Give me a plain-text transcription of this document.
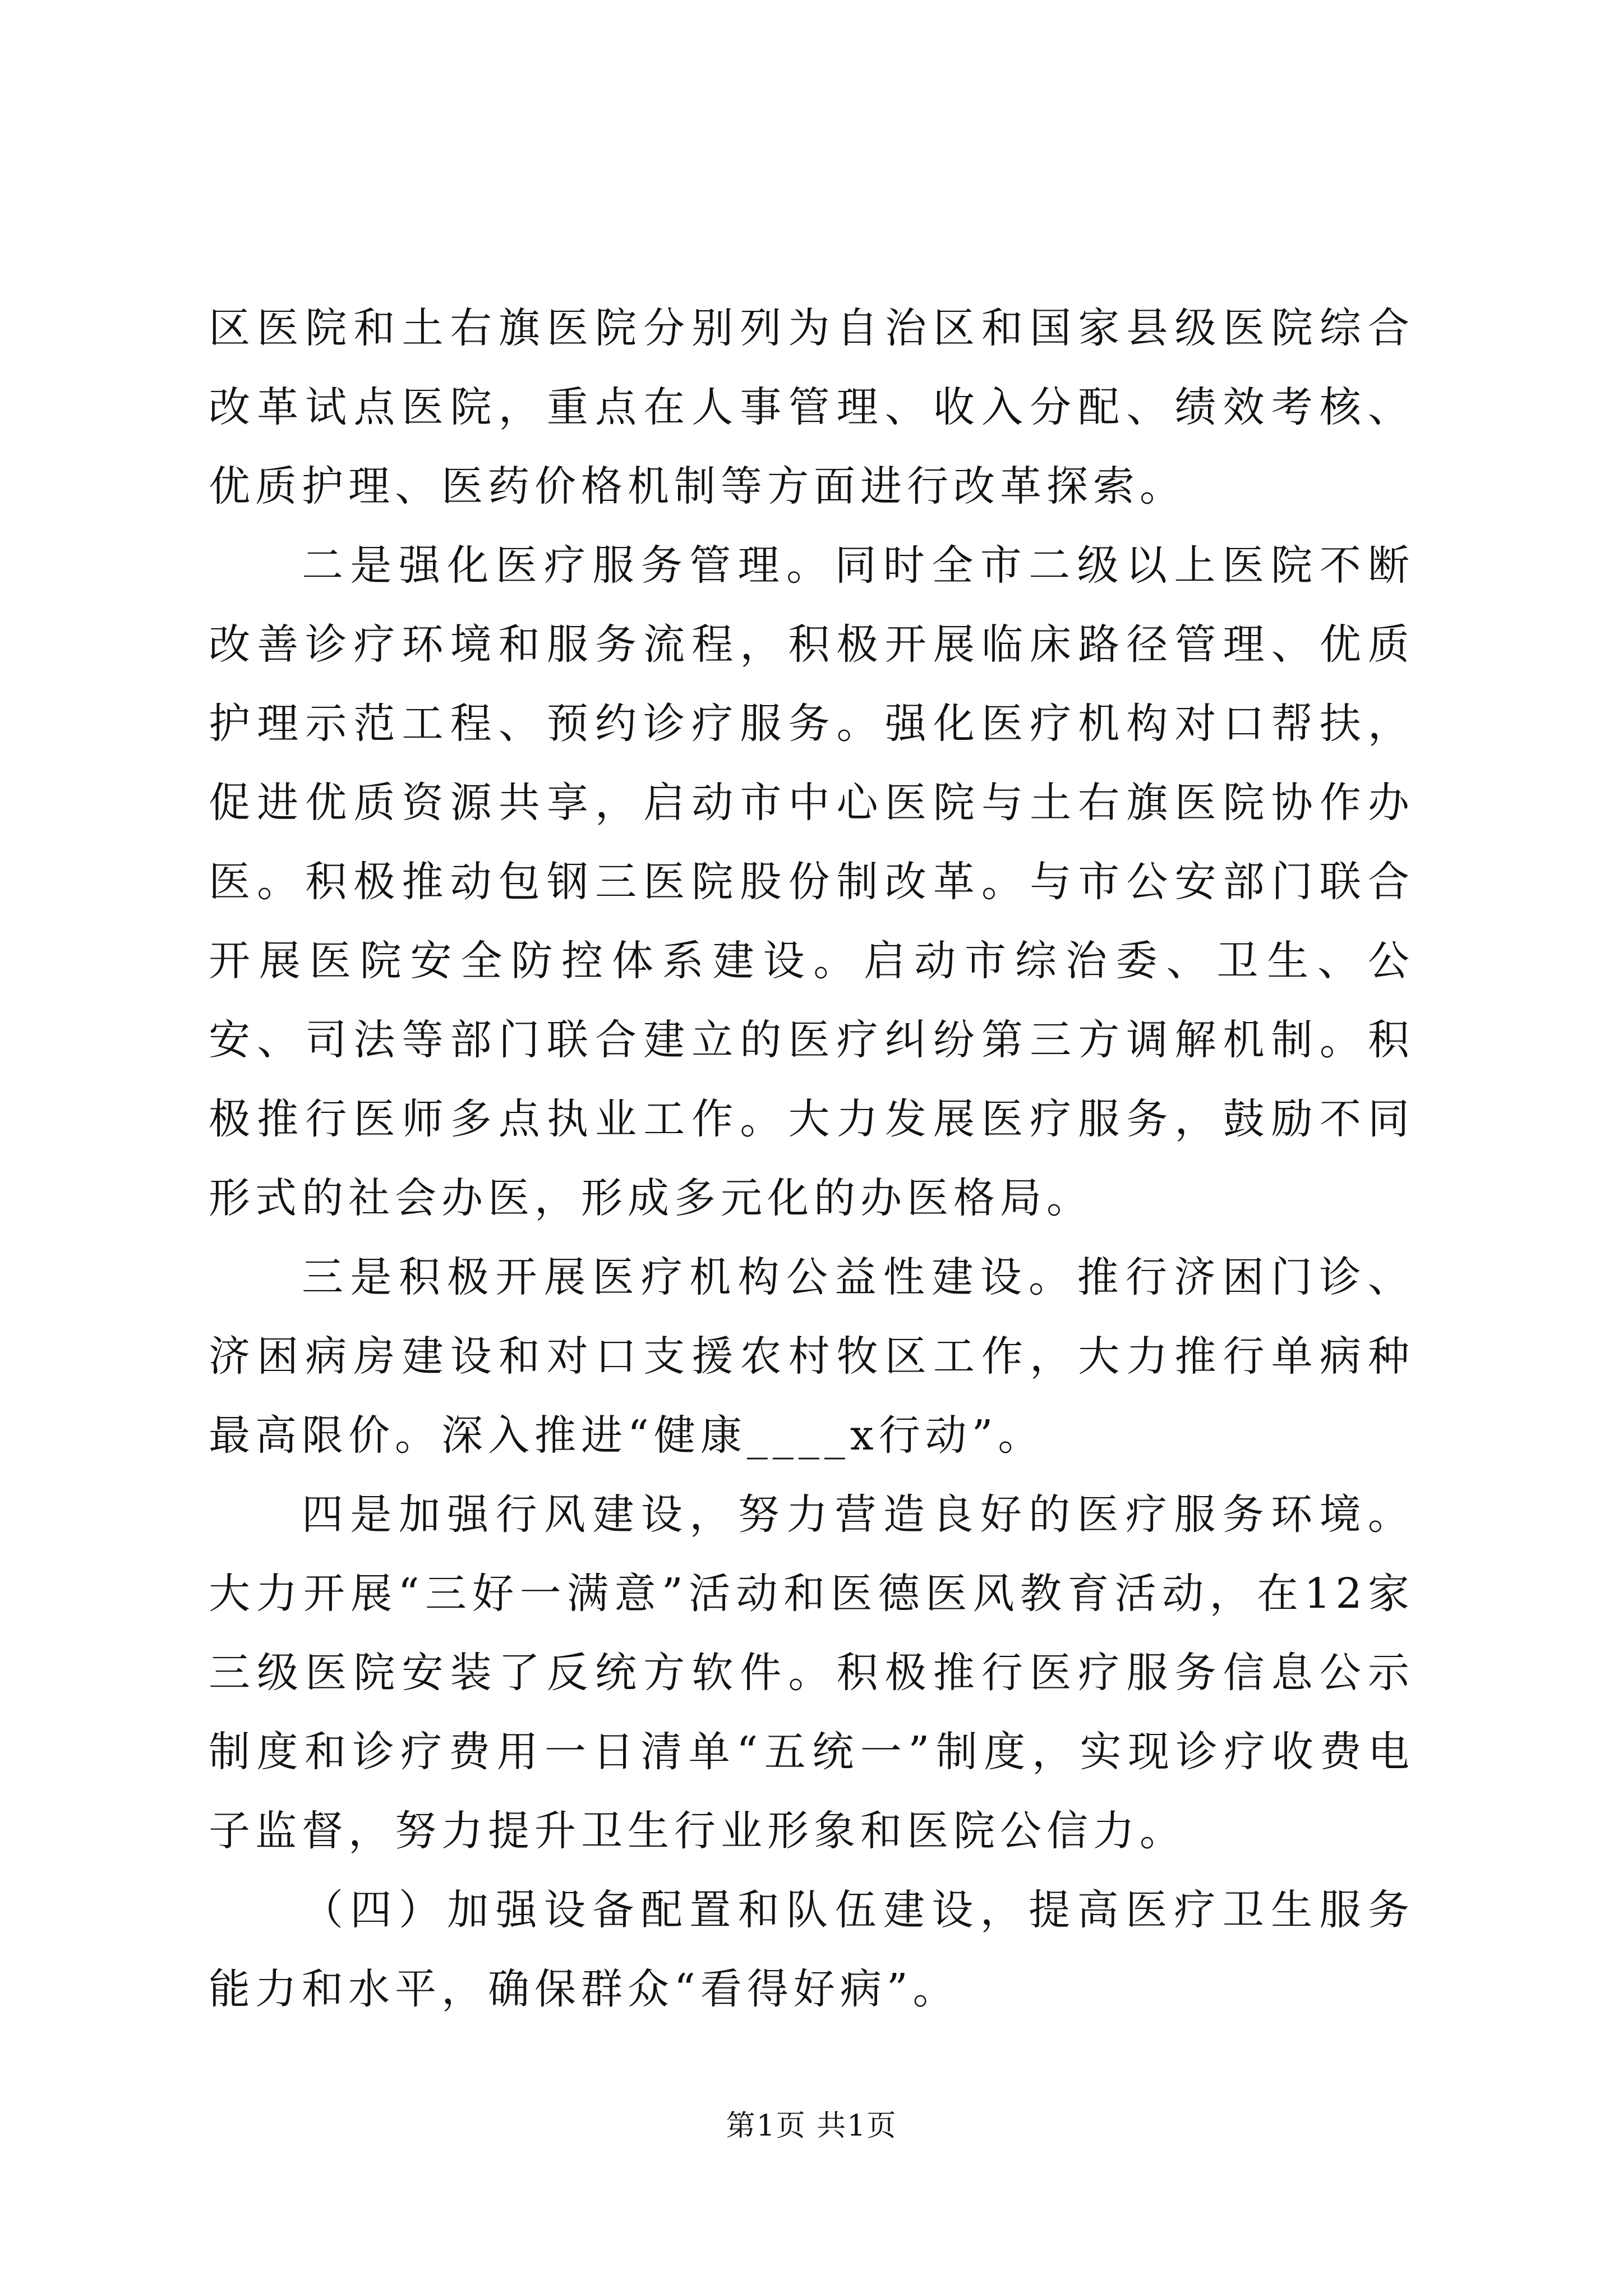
区医院和土右旗医院分别列为自治区和国家县级医院综合改革试点医院，重点在人事管理、收入分配、绩效考核、优质护理、医药价格机制等方面进行改革探索。

二是强化医疗服务管理。同时全市二级以上医院不断改善诊疗环境和服务流程，积极开展临床路径管理、优质护理示范工程、预约诊疗服务。强化医疗机构对口帮扶，促进优质资源共享，启动市中心医院与土右旗医院协作办医。积极推动包钢三医院股份制改革。与市公安部门联合开展医院安全防控体系建设。启动市综治委、卫生、公安、司法等部门联合建立的医疗纠纷第三方调解机制。积极推行医师多点执业工作。大力发展医疗服务，鼓励不同形式的社会办医，形成多元化的办医格局。

三是积极开展医疗机构公益性建设。推行济困门诊、济困病房建设和对口支援农村牧区工作，大力推行单病种最高限价。深入推进“健康____x行动”。

四是加强行风建设，努力营造良好的医疗服务环境。大力开展“三好一满意”活动和医德医风教育活动，在12家三级医院安装了反统方软件。积极推行医疗服务信息公示制度和诊疗费用一日清单“五统一”制度，实现诊疗收费电子监督，努力提升卫生行业形象和医院公信力。

（四）加强设备配置和队伍建设，提高医疗卫生服务能力和水平，确保群众“看得好病”。

第1页 共1页
